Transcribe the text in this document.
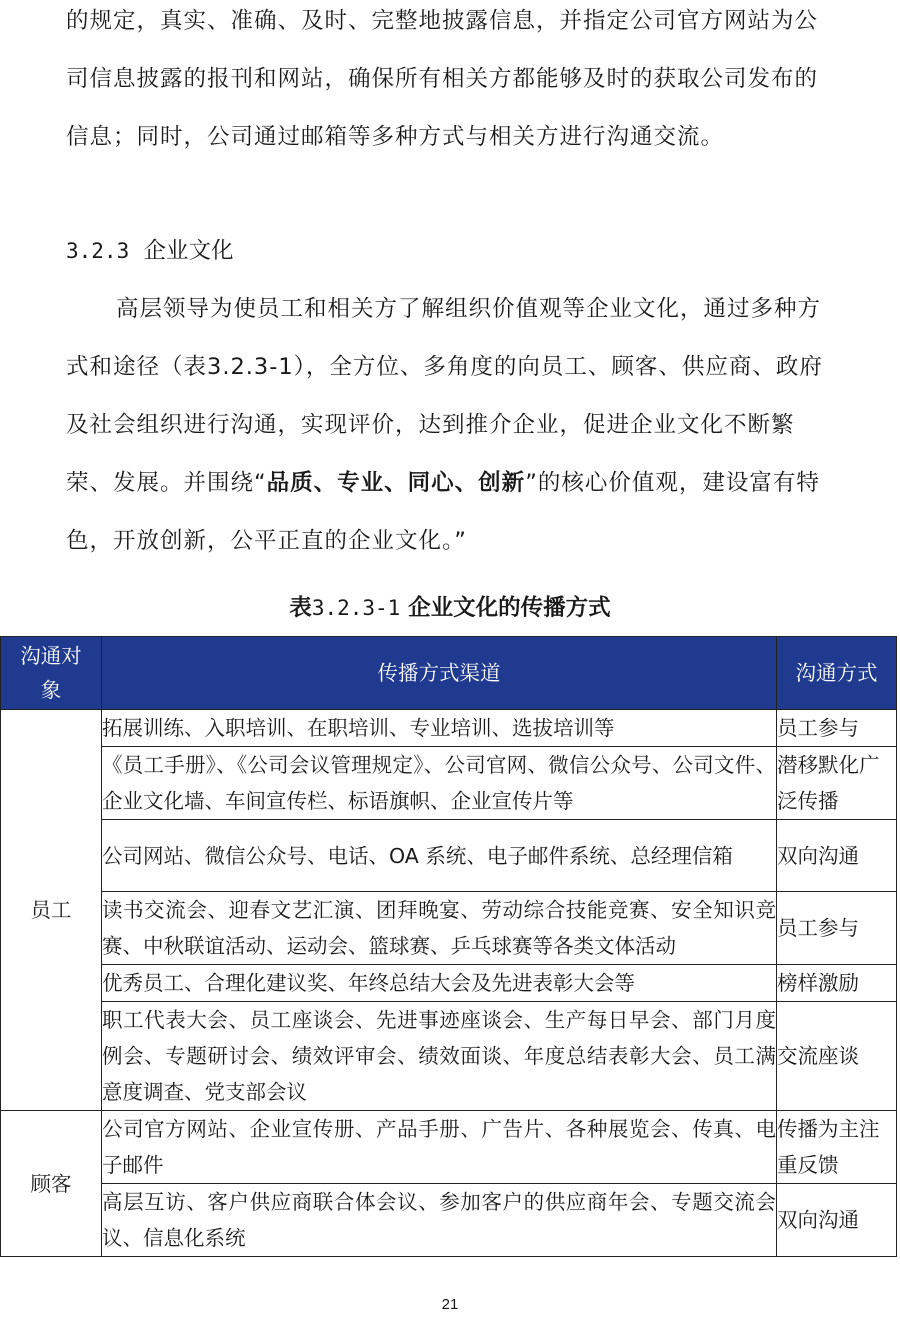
的规定，真实、准确、及时、完整地披露信息，并指定公司官方网站为公司信息披露的报刊和网站，确保所有相关方都能够及时的获取公司发布的信息；同时，公司通过邮箱等多种方式与相关方进行沟通交流。

3.2.3 企业文化

高层领导为使员工和相关方了解组织价值观等企业文化，通过多种方式和途径（表3.2.3-1），全方位、多角度的向员工、顾客、供应商、政府及社会组织进行沟通，实现评价，达到推介企业，促进企业文化不断繁荣、发展。并围绕“品质、专业、同心、创新”的核心价值观，建设富有特色，开放创新，公平正直的企业文化。”

表3.2.3-1 企业文化的传播方式
沟通对象	传播方式渠道	沟通方式
员工	拓展训练、入职培训、在职培训、专业培训、选拔培训等	员工参与
	《员工手册》、《公司会议管理规定》、公司官网、微信公众号、公司文件、企业文化墙、车间宣传栏、标语旗帜、企业宣传片等	潜移默化广泛传播
	公司网站、微信公众号、电话、OA 系统、电子邮件系统、总经理信箱	双向沟通
	读书交流会、迎春文艺汇演、团拜晚宴、劳动综合技能竞赛、安全知识竞赛、中秋联谊活动、运动会、篮球赛、乒乓球赛等各类文体活动	员工参与
	优秀员工、合理化建议奖、年终总结大会及先进表彰大会等	榜样激励
	职工代表大会、员工座谈会、先进事迹座谈会、生产每日早会、部门月度例会、专题研讨会、绩效评审会、绩效面谈、年度总结表彰大会、员工满意度调查、党支部会议	交流座谈
顾客	公司官方网站、企业宣传册、产品手册、广告片、各种展览会、传真、电子邮件	传播为主注重反馈
	高层互访、客户供应商联合体会议、参加客户的供应商年会、专题交流会议、信息化系统	双向沟通
21
